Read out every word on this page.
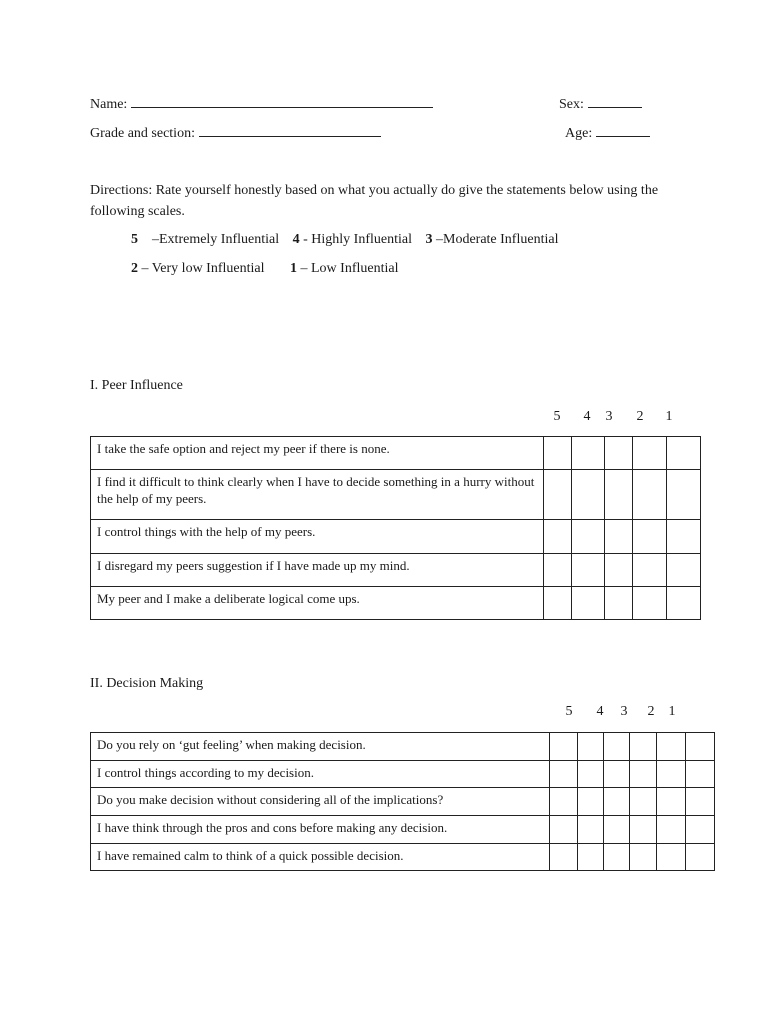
Name:	Sex:
Grade and section:	Age:
Directions: Rate yourself honestly based on what you actually do give the statements below using the following scales.
5 –Extremely Influential 4 - Highly Influential 3 –Moderate Influential
2 – Very low Influential 1 – Low Influential
I. Peer Influence
5 4 3 2 1
I take the safe option and reject my peer if there is none.					
I find it difficult to think clearly when I have to decide something in a hurry without the help of my peers.					
I control things with the help of my peers.					
I disregard my peers suggestion if I have made up my mind.					
My peer and I make a deliberate logical come ups.					
II. Decision Making
5 4 3 2 1
Do you rely on ‘gut feeling’ when making decision.						
I control things according to my decision.						
Do you make decision without considering all of the implications?						
I have think through the pros and cons before making any decision.						
I have remained calm to think of a quick possible decision.						
